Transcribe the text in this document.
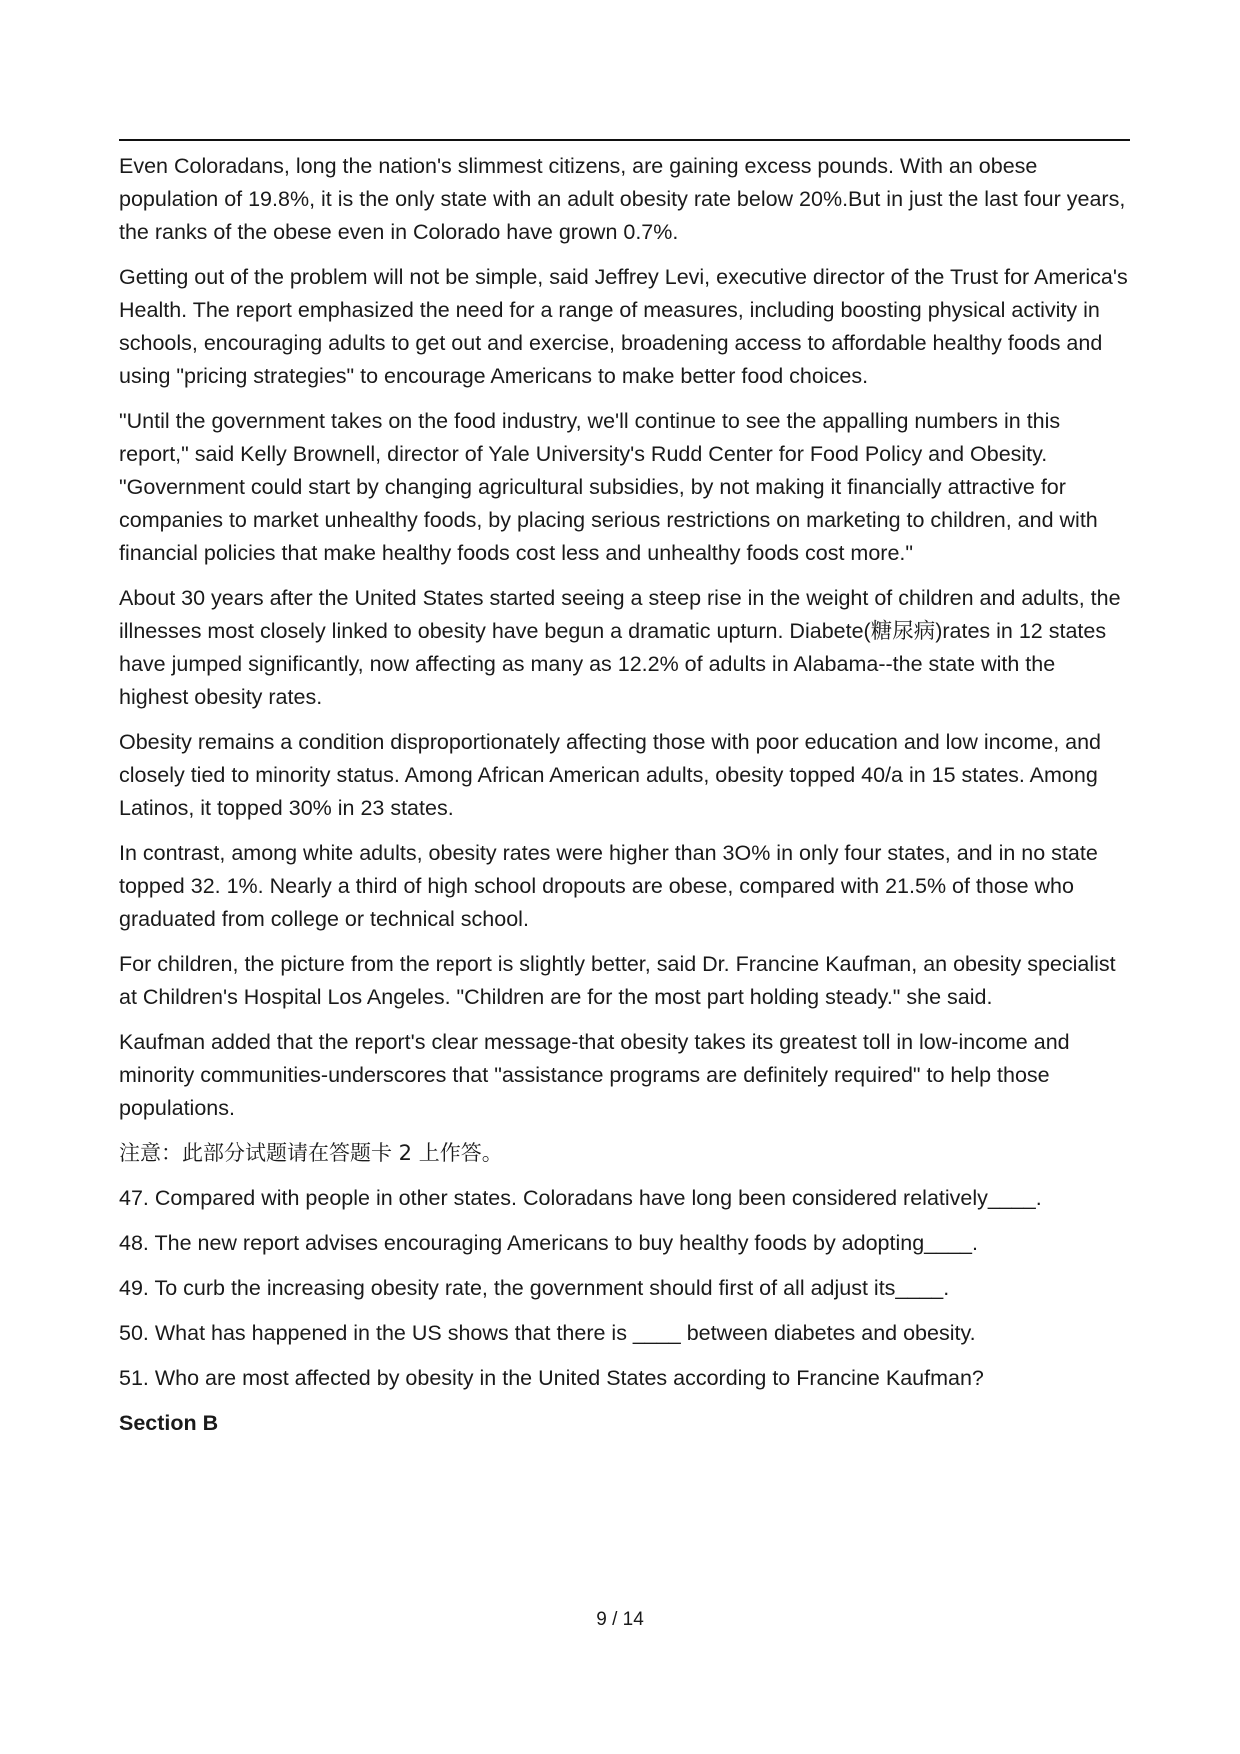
Even Coloradans, long the nation's slimmest citizens, are gaining excess pounds. With an obese population of 19.8%, it is the only state with an adult obesity rate below 20%.But in just the last four years, the ranks of the obese even in Colorado have grown 0.7%.

Getting out of the problem will not be simple, said Jeffrey Levi, executive director of the Trust for America's Health. The report emphasized the need for a range of measures, including boosting physical activity in schools, encouraging adults to get out and exercise, broadening access to affordable healthy foods and using "pricing strategies" to encourage Americans to make better food choices.

"Until the government takes on the food industry, we'll continue to see the appalling numbers in this report," said Kelly Brownell, director of Yale University's Rudd Center for Food Policy and Obesity. "Government could start by changing agricultural subsidies, by not making it financially attractive for companies to market unhealthy foods, by placing serious restrictions on marketing to children, and with financial policies that make healthy foods cost less and unhealthy foods cost more."

About 30 years after the United States started seeing a steep rise in the weight of children and adults, the illnesses most closely linked to obesity have begun a dramatic upturn. Diabete(糖尿病)rates in 12 states have jumped significantly, now affecting as many as 12.2% of adults in Alabama--the state with the highest obesity rates.

Obesity remains a condition disproportionately affecting those with poor education and low income, and closely tied to minority status. Among African American adults, obesity topped 40/a in 15 states. Among Latinos, it topped 30% in 23 states.

In contrast, among white adults, obesity rates were higher than 3O% in only four states, and in no state topped 32. 1%. Nearly a third of high school dropouts are obese, compared with 21.5% of those who graduated from college or technical school.

For children, the picture from the report is slightly better, said Dr. Francine Kaufman, an obesity specialist at Children's Hospital Los Angeles. "Children are for the most part holding steady." she said.

Kaufman added that the report's clear message-that obesity takes its greatest toll in low-income and minority communities-underscores that "assistance programs are definitely required" to help those populations.

注意：此部分试题请在答题卡 2 上作答。

47. Compared with people in other states. Coloradans have long been considered relatively____.

48. The new report advises encouraging Americans to buy healthy foods by adopting____.

49. To curb the increasing obesity rate, the government should first of all adjust its____.

50. What has happened in the US shows that there is ____ between diabetes and obesity.

51. Who are most affected by obesity in the United States according to Francine Kaufman?

Section B

9 / 14
